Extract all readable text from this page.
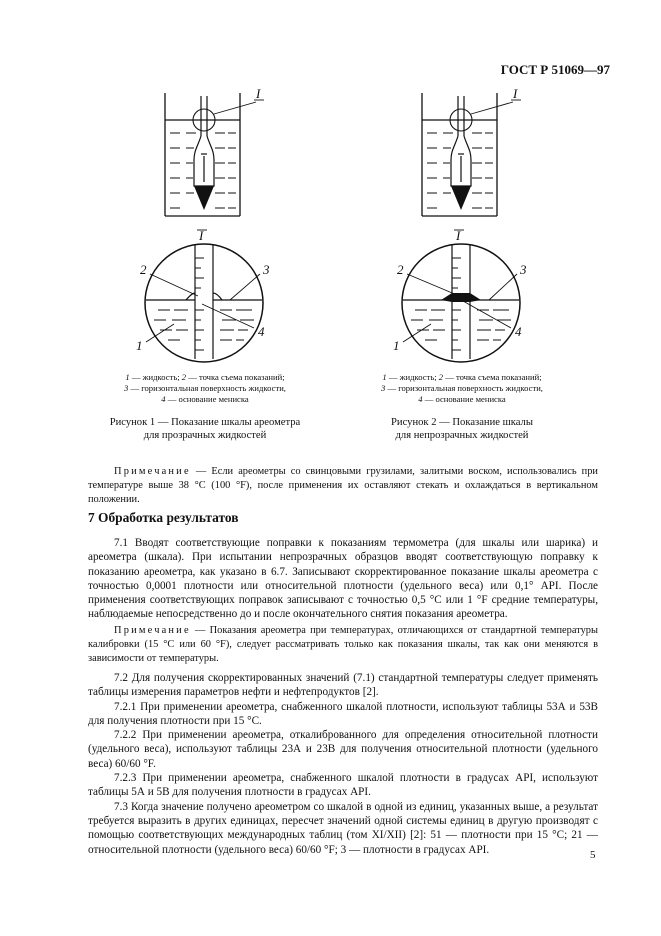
ГОСТ Р 51069—97
I
I
2	3
1
4
1 — жидкость; 2 — точка съема показаний;
3 — горизонтальная поверхность жидкости,
4 — основание мениска
Рисунок 1 — Показание шкалы ареометра
для прозрачных жидкостей
I
I
2	3
1
4
1 — жидкость; 2 — точка съема показаний;
3 — горизонтальная поверхность жидкости,
4 — основание мениска
Рисунок 2 — Показание шкалы
для непрозрачных жидкостей
Примечание — Если ареометры со свинцовыми грузилами, залитыми воском, использовались при температуре выше 38 °С (100 °F), после применения их оставляют стекать и охлаждаться в вертикальном положении.
7 Обработка результатов
7.1 Вводят соответствующие поправки к показаниям термометра (для шкалы или шарика) и ареометра (шкала). При испытании непрозрачных образцов вводят соответствующую поправку к показанию ареометра, как указано в 6.7. Записывают скорректированное показание шкалы ареометра с точностью 0,0001 плотности или относительной плотности (удельного веса) или 0,1° API. После применения соответствующих поправок записывают с точностью 0,5 °С или 1 °F средние температуры, наблюдаемые непосредственно до и после окончательного снятия показания ареометра.
Примечание — Показания ареометра при температурах, отличающихся от стандартной температуры калибровки (15 °С или 60 °F), следует рассматривать только как показания шкалы, так как они меняются в зависимости от температуры.
7.2 Для получения скорректированных значений (7.1) стандартной температуры следует применять таблицы измерения параметров нефти и нефтепродуктов [2].
7.2.1 При применении ареометра, снабженного шкалой плотности, используют таблицы 53А и 53В для получения плотности при 15 °С.
7.2.2 При применении ареометра, откалиброванного для определения относительной плотности (удельного веса), используют таблицы 23А и 23В для получения относительной плотности (удельного веса) 60/60 °F.
7.2.3 При применении ареометра, снабженного шкалой плотности в градусах API, используют таблицы 5А и 5В для получения плотности в градусах API.
7.3 Когда значение получено ареометром со шкалой в одной из единиц, указанных выше, а результат требуется выразить в других единицах, пересчет значений одной системы единиц в другую производят с помощью соответствующих международных таблиц (том XI/XII) [2]: 51 — плотности при 15 °С; 21 — относительной плотности (удельного веса) 60/60 °F; 3 — плотности в градусах API.	5
